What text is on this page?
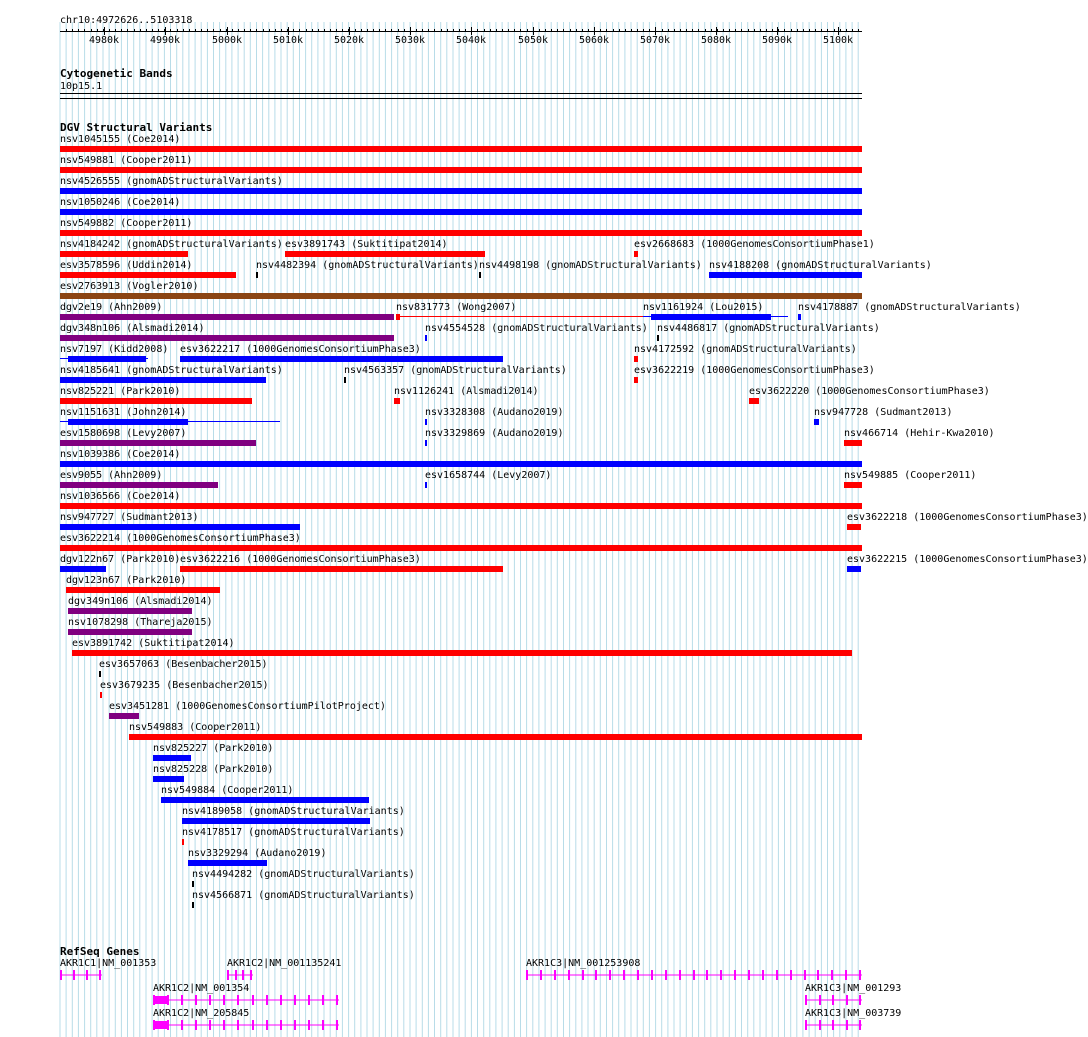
chr10:4972626..5103318
4980k	4990k	5000k	5010k	5020k	5030k	5040k	5050k	5060k	5070k	5080k	5090k	5100k
Cytogenetic Bands
10p15.1
DGV Structural Variants
nsv1045155 (Coe2014)
nsv549881 (Cooper2011)
nsv4526555 (gnomADStructuralVariants)
nsv1050246 (Coe2014)
nsv549882 (Cooper2011)
nsv4184242 (gnomADStructuralVariants) esv3891743 (Suktitipat2014)	esv2668683 (1000GenomesConsortiumPhase1)
esv3578596 (Uddin2014)	nsv4482394 (gnomADStructuralVariants) nsv4498198 (gnomADStructuralVariants) nsv4188208 (gnomADStructuralVariants)
esv2763913 (Vogler2010)
dgv2e19 (Ahn2009)	nsv831773 (Wong2007)	nsv1161924 (Lou2015)	nsv4178887 (gnomADStructuralVariants)
dgv348n106 (Alsmadi2014)	nsv4554528 (gnomADStructuralVariants) nsv4486817 (gnomADStructuralVariants)
nsv7197 (Kidd2008) esv3622217 (1000GenomesConsortiumPhase3)	nsv4172592 (gnomADStructuralVariants)
nsv4185641 (gnomADStructuralVariants)	nsv4563357 (gnomADStructuralVariants)	esv3622219 (1000GenomesConsortiumPhase3)
nsv825221 (Park2010)	nsv1126241 (Alsmadi2014)	esv3622220 (1000GenomesConsortiumPhase3)
nsv1151631 (John2014)	nsv3328308 (Audano2019)	nsv947728 (Sudmant2013)
esv1580698 (Levy2007)	nsv3329869 (Audano2019)	nsv466714 (Hehir-Kwa2010)
nsv1039386 (Coe2014)
esv9055 (Ahn2009)	esv1658744 (Levy2007)	nsv549885 (Cooper2011)
nsv1036566 (Coe2014)
nsv947727 (Sudmant2013)	esv3622218 (1000GenomesConsortiumPhase3)
esv3622214 (1000GenomesConsortiumPhase3)
dgv122n67 (Park2010) esv3622216 (1000GenomesConsortiumPhase3)	esv3622215 (1000GenomesConsortiumPhase3)
dgv123n67 (Park2010)
dgv349n106 (Alsmadi2014)
nsv1078298 (Thareja2015)
esv3891742 (Suktitipat2014)
esv3657063 (Besenbacher2015)
esv3679235 (Besenbacher2015)
esv3451281 (1000GenomesConsortiumPilotProject)
nsv549883 (Cooper2011)
nsv825227 (Park2010)
nsv825228 (Park2010)
nsv549884 (Cooper2011)
nsv4189058 (gnomADStructuralVariants)
nsv4178517 (gnomADStructuralVariants)
nsv3329294 (Audano2019)
nsv4494282 (gnomADStructuralVariants)
nsv4566871 (gnomADStructuralVariants)
RefSeq Genes
AKR1C1|NM_001353	AKR1C2|NM_001135241	AKR1C3|NM_001253908
AKR1C2|NM_001354	AKR1C3|NM_001293
AKR1C2|NM_205845	AKR1C3|NM_003739
